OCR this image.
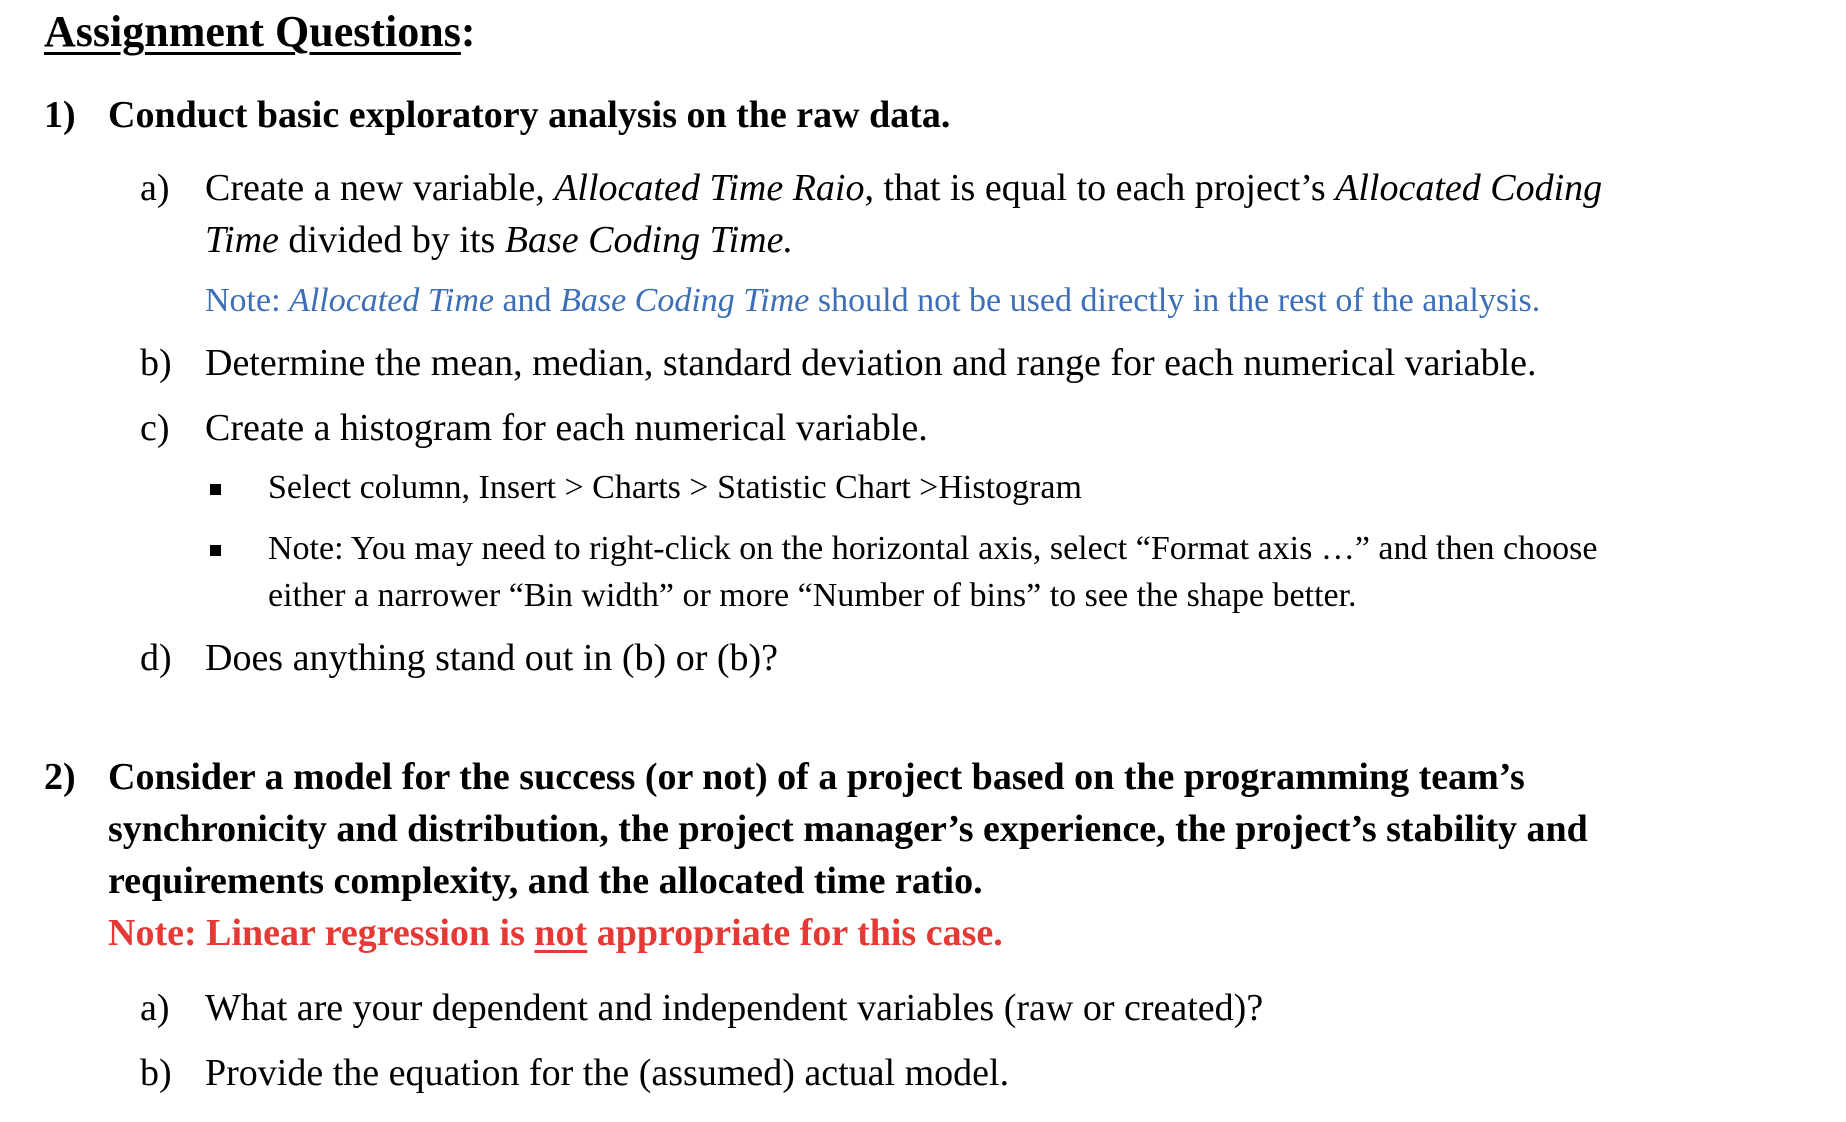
Assignment Questions:
1) Conduct basic exploratory analysis on the raw data.
a) Create a new variable, Allocated Time Raio, that is equal to each project’s Allocated Coding
Time divided by its Base Coding Time.
Note: Allocated Time and Base Coding Time should not be used directly in the rest of the analysis.
b) Determine the mean, median, standard deviation and range for each numerical variable.
c) Create a histogram for each numerical variable.
Select column, Insert > Charts > Statistic Chart >Histogram
Note: You may need to right-click on the horizontal axis, select “Format axis …” and then choose
either a narrower “Bin width” or more “Number of bins” to see the shape better.
d) Does anything stand out in (b) or (b)?
2) Consider a model for the success (or not) of a project based on the programming team’s
synchronicity and distribution, the project manager’s experience, the project’s stability and
requirements complexity, and the allocated time ratio.
Note: Linear regression is not appropriate for this case.
a) What are your dependent and independent variables (raw or created)?
b) Provide the equation for the (assumed) actual model.
